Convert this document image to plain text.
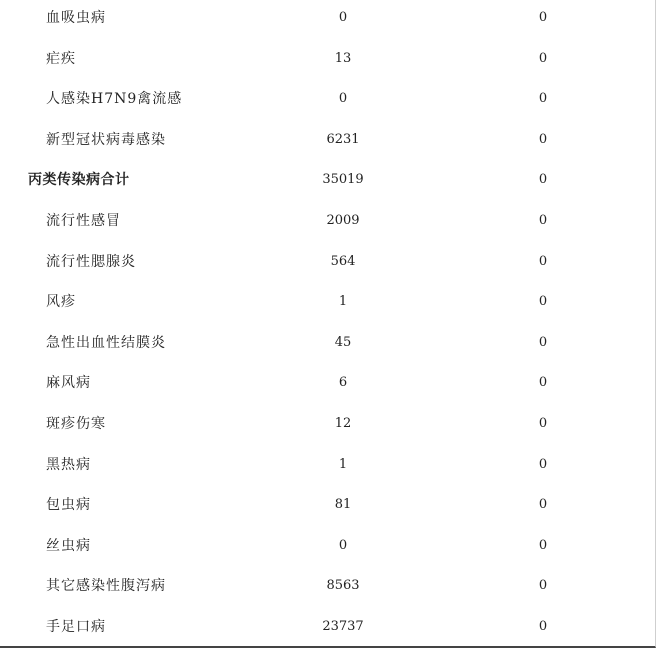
血吸虫病	0	0
疟疾	13	0
人感染H7N9禽流感	0	0
新型冠状病毒感染	6231	0
丙类传染病合计	35019	0
流行性感冒	2009	0
流行性腮腺炎	564	0
风疹	1	0
急性出血性结膜炎	45	0
麻风病	6	0
斑疹伤寒	12	0
黑热病	1	0
包虫病	81	0
丝虫病	0	0
其它感染性腹泻病	8563	0
手足口病	23737	0
